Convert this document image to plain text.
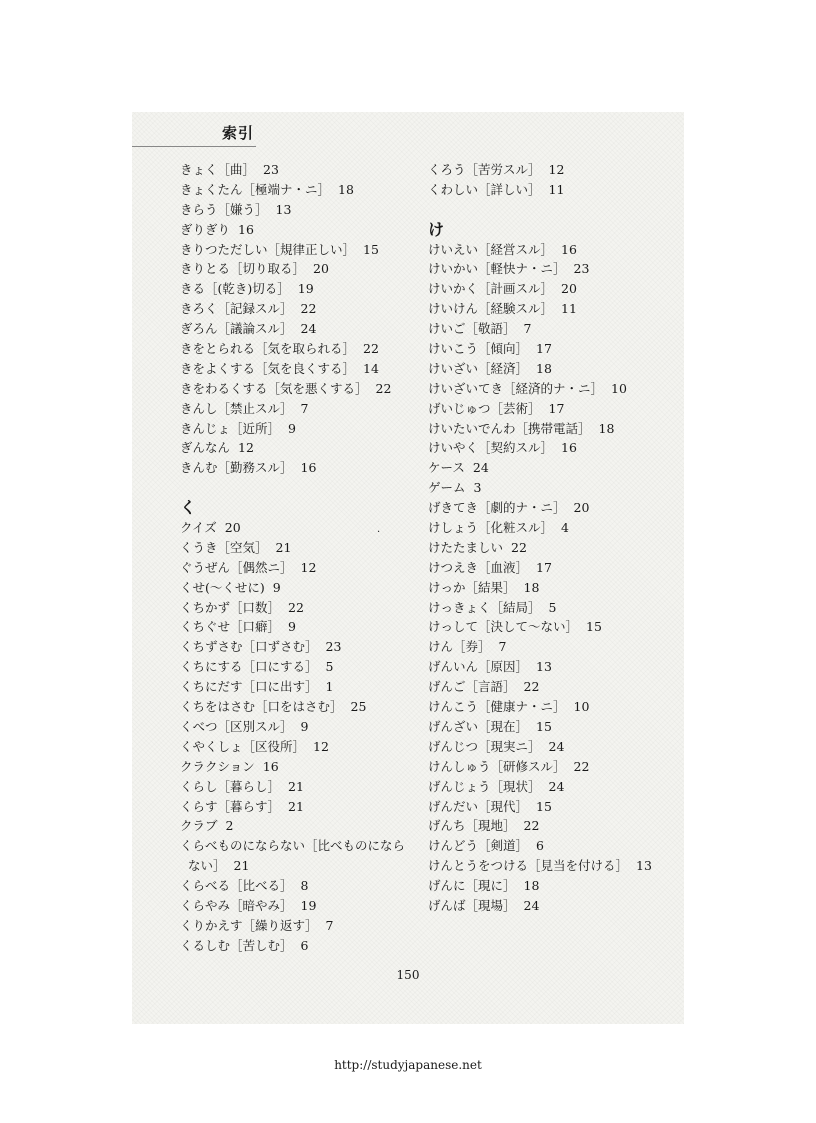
索引
きょく［曲］ 23
きょくたん［極端ナ・ニ］ 18
きらう［嫌う］ 13
ぎりぎり 16
きりつただしい［規律正しい］ 15
きりとる［切り取る］ 20
きる［(乾き)切る］ 19
きろく［記録スル］ 22
ぎろん［議論スル］ 24
きをとられる［気を取られる］ 22
きをよくする［気を良くする］ 14
きをわるくする［気を悪くする］ 22
きんし［禁止スル］ 7
きんじょ［近所］ 9
ぎんなん 12
きんむ［勤務スル］ 16
く
クイズ 20
くうき［空気］ 21
ぐうぜん［偶然ニ］ 12
くせ(～くせに) 9
くちかず［口数］ 22
くちぐせ［口癖］ 9
くちずさむ［口ずさむ］ 23
くちにする［口にする］ 5
くちにだす［口に出す］ 1
くちをはさむ［口をはさむ］ 25
くべつ［区別スル］ 9
くやくしょ［区役所］ 12
クラクション 16
くらし［暮らし］ 21
くらす［暮らす］ 21
クラブ 2
くらべものにならない［比べものになら
ない］ 21
くらべる［比べる］ 8
くらやみ［暗やみ］ 19
くりかえす［繰り返す］ 7
くるしむ［苦しむ］ 6
くろう［苦労スル］ 12
くわしい［詳しい］ 11
け
けいえい［経営スル］ 16
けいかい［軽快ナ・ニ］ 23
けいかく［計画スル］ 20
けいけん［経験スル］ 11
けいご［敬語］ 7
けいこう［傾向］ 17
けいざい［経済］ 18
けいざいてき［経済的ナ・ニ］ 10
げいじゅつ［芸術］ 17
けいたいでんわ［携帯電話］ 18
けいやく［契約スル］ 16
ケース 24
ゲーム 3
げきてき［劇的ナ・ニ］ 20
けしょう［化粧スル］ 4
けたたましい 22
けつえき［血液］ 17
けっか［結果］ 18
けっきょく［結局］ 5
けっして［決して～ない］ 15
けん［券］ 7
げんいん［原因］ 13
げんご［言語］ 22
けんこう［健康ナ・ニ］ 10
げんざい［現在］ 15
げんじつ［現実ニ］ 24
けんしゅう［研修スル］ 22
げんじょう［現状］ 24
げんだい［現代］ 15
げんち［現地］ 22
けんどう［剣道］ 6
けんとうをつける［見当を付ける］ 13
げんに［現に］ 18
げんば［現場］ 24
.
150
http://studyjapanese.net
